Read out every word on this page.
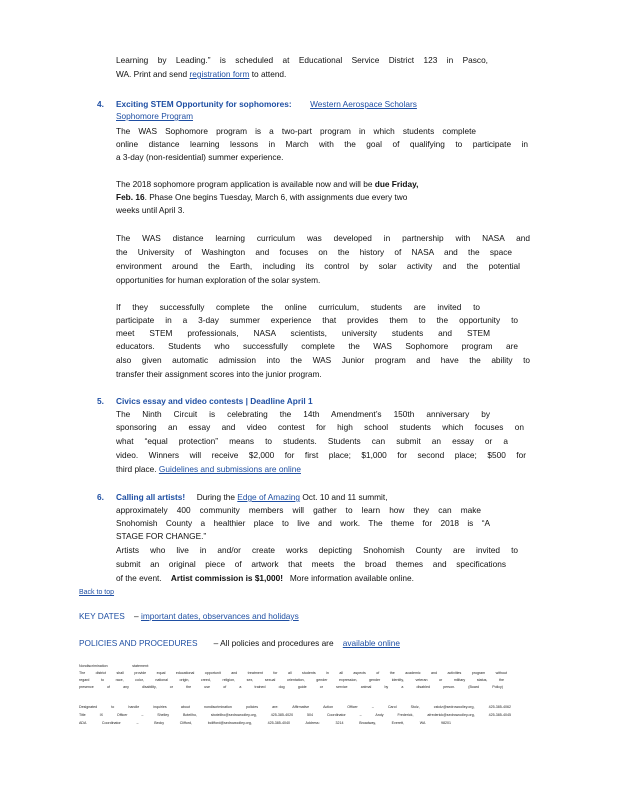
Learning by Leading.” is scheduled at Educational Service District 123 in Pasco,
WA. Print and send registration form to attend.
4. Exciting STEM Opportunity for sophomores: Western Aerospace Scholars
Sophomore Program
The WAS Sophomore program is a two-part program in which students complete
online distance learning lessons in March with the goal of qualifying to participate in
a 3-day (non-residential) summer experience.
The 2018 sophomore program application is available now and will be due Friday,
Feb. 16. Phase One begins Tuesday, March 6, with assignments due every two
weeks until April 3.
The WAS distance learning curriculum was developed in partnership with NASA and
the University of Washington and focuses on the history of NASA and the space
environment around the Earth, including its control by solar activity and the potential
opportunities for human exploration of the solar system.
If they successfully complete the online curriculum, students are invited to
participate in a 3-day summer experience that provides them to the opportunity to
meet STEM professionals, NASA scientists, university students and STEM
educators. Students who successfully complete the WAS Sophomore program are
also given automatic admission into the WAS Junior program and have the ability to
transfer their assignment scores into the junior program.
5. Civics essay and video contests | Deadline April 1
The Ninth Circuit is celebrating the 14th Amendment’s 150th anniversary by
sponsoring an essay and video contest for high school students which focuses on
what “equal protection” means to students. Students can submit an essay or a
video. Winners will receive $2,000 for first place; $1,000 for second place; $500 for
third place. Guidelines and submissions are online
6. Calling all artists! During the Edge of Amazing Oct. 10 and 11 summit,
approximately 400 community members will gather to learn how they can make
Snohomish County a healthier place to live and work. The theme for 2018 is “A
STAGE FOR CHANGE.”
Artists who live in and/or create works depicting Snohomish County are invited to
submit an original piece of artwork that meets the broad themes and specifications
of the event. Artist commission is $1,000! More information available online.
Back to top
KEY DATES – important dates, observances and holidays
POLICIES AND PROCEDURES – All policies and procedures are available online
Nondiscrimination statement:
The district shall provide equal educational opportunit and treatment for all students in all aspects of the academic and activities program without
regard to race, color, national origin, creed, religion, sex, sexual orientation, gender expression, gender identity, veteran or military status, the
presence of any disability, or the use of a trained dog guide or service animal by a disabled person. (Board Policy)
Designated to handle inquiries about nondiscrimination policies are: Affirmative Action Officer – Carol Stolz, cstolz@sedrowoolley.org, 425-385-4062
Title IX Officer – Shelley Boteilho, sboteilho@sedrowoolley.org, 425-385-4020 504 Coordinator – Andy Frederick, afrederick@sedrowoolley.org, 425-385-4045
ADA Coordinator – Becky Clifford, bclifford@sedrowoolley.org, 425-385-4040 Address: 3214 Broadway, Everett, WA 98201
